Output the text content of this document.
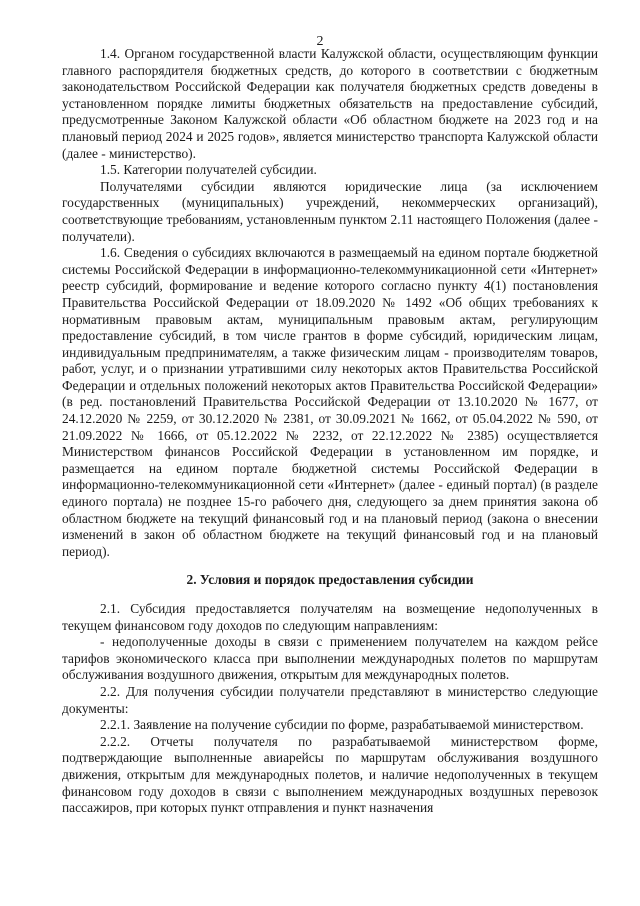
2

1.4. Органом государственной власти Калужской области, осуществляющим функции главного распорядителя бюджетных средств, до которого в соответствии с бюджетным законодательством Российской Федерации как получателя бюджетных средств доведены в установленном порядке лимиты бюджетных обязательств на предоставление субсидий, предусмотренные Законом Калужской области «Об областном бюджете на 2023 год и на плановый период 2024 и 2025 годов», является министерство транспорта Калужской области (далее - министерство).

1.5. Категории получателей субсидии.

Получателями субсидии являются юридические лица (за исключением государственных (муниципальных) учреждений, некоммерческих организаций), соответствующие требованиям, установленным пунктом 2.11 настоящего Положения (далее - получатели).

1.6. Сведения о субсидиях включаются в размещаемый на едином портале бюджетной системы Российской Федерации в информационно-телекоммуникационной сети «Интернет» реестр субсидий, формирование и ведение которого согласно пункту 4(1) постановления Правительства Российской Федерации от 18.09.2020 № 1492 «Об общих требованиях к нормативным правовым актам, муниципальным правовым актам, регулирующим предоставление субсидий, в том числе грантов в форме субсидий, юридическим лицам, индивидуальным предпринимателям, а также физическим лицам - производителям товаров, работ, услуг, и о признании утратившими силу некоторых актов Правительства Российской Федерации и отдельных положений некоторых актов Правительства Российской Федерации» (в ред. постановлений Правительства Российской Федерации от 13.10.2020 № 1677, от 24.12.2020 № 2259, от 30.12.2020 № 2381, от 30.09.2021 № 1662, от 05.04.2022 № 590, от 21.09.2022 № 1666, от 05.12.2022 № 2232, от 22.12.2022 № 2385) осуществляется Министерством финансов Российской Федерации в установленном им порядке, и размещается на едином портале бюджетной системы Российской Федерации в информационно-телекоммуникационной сети «Интернет» (далее - единый портал) (в разделе единого портала) не позднее 15-го рабочего дня, следующего за днем принятия закона об областном бюджете на текущий финансовый год и на плановый период (закона о внесении изменений в закон об областном бюджете на текущий финансовый год и на плановый период).

2. Условия и порядок предоставления субсидии

2.1. Субсидия предоставляется получателям на возмещение недополученных в текущем финансовом году доходов по следующим направлениям:

- недополученные доходы в связи с применением получателем на каждом рейсе тарифов экономического класса при выполнении международных полетов по маршрутам обслуживания воздушного движения, открытым для международных полетов.

2.2. Для получения субсидии получатели представляют в министерство следующие документы:

2.2.1. Заявление на получение субсидии по форме, разрабатываемой министерством.

2.2.2. Отчеты получателя по разрабатываемой министерством форме, подтверждающие выполненные авиарейсы по маршрутам обслуживания воздушного движения, открытым для международных полетов, и наличие недополученных в текущем финансовом году доходов в связи с выполнением международных воздушных перевозок пассажиров, при которых пункт отправления и пункт назначения
